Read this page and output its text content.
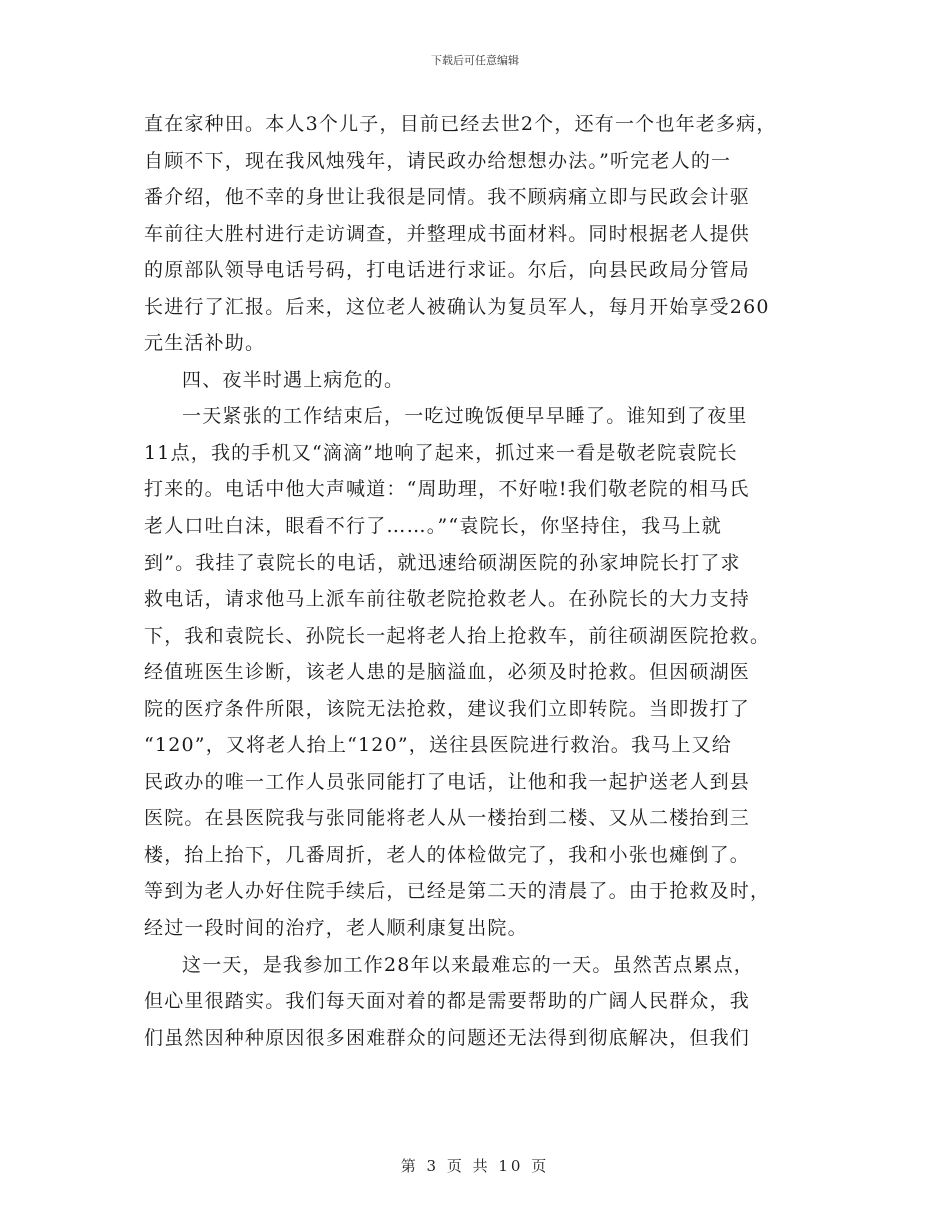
下载后可任意编辑
直在家种田。本人3个儿子，目前已经去世2个，还有一个也年老多病，
自顾不下，现在我风烛残年，请民政办给想想办法。”听完老人的一
番介绍，他不幸的身世让我很是同情。我不顾病痛立即与民政会计驱
车前往大胜村进行走访调查，并整理成书面材料。同时根据老人提供
的原部队领导电话号码，打电话进行求证。尔后，向县民政局分管局
长进行了汇报。后来，这位老人被确认为复员军人，每月开始享受260
元生活补助。
四、夜半时遇上病危的。
一天紧张的工作结束后，一吃过晚饭便早早睡了。谁知到了夜里
11点，我的手机又“滴滴”地响了起来，抓过来一看是敬老院袁院长
打来的。电话中他大声喊道：“周助理，不好啦!我们敬老院的相马氏
老人口吐白沫，眼看不行了……。”“袁院长，你坚持住，我马上就
到”。我挂了袁院长的电话，就迅速给硕湖医院的孙家坤院长打了求
救电话，请求他马上派车前往敬老院抢救老人。在孙院长的大力支持
下，我和袁院长、孙院长一起将老人抬上抢救车，前往硕湖医院抢救。
经值班医生诊断，该老人患的是脑溢血，必须及时抢救。但因硕湖医
院的医疗条件所限，该院无法抢救，建议我们立即转院。当即拨打了
“120”，又将老人抬上“120”，送往县医院进行救治。我马上又给
民政办的唯一工作人员张同能打了电话，让他和我一起护送老人到县
医院。在县医院我与张同能将老人从一楼抬到二楼、又从二楼抬到三
楼，抬上抬下，几番周折，老人的体检做完了，我和小张也瘫倒了。
等到为老人办好住院手续后，已经是第二天的清晨了。由于抢救及时，
经过一段时间的治疗，老人顺利康复出院。
这一天，是我参加工作28年以来最难忘的一天。虽然苦点累点，
但心里很踏实。我们每天面对着的都是需要帮助的广阔人民群众，我
们虽然因种种原因很多困难群众的问题还无法得到彻底解决，但我们
第 3 页 共 10 页
